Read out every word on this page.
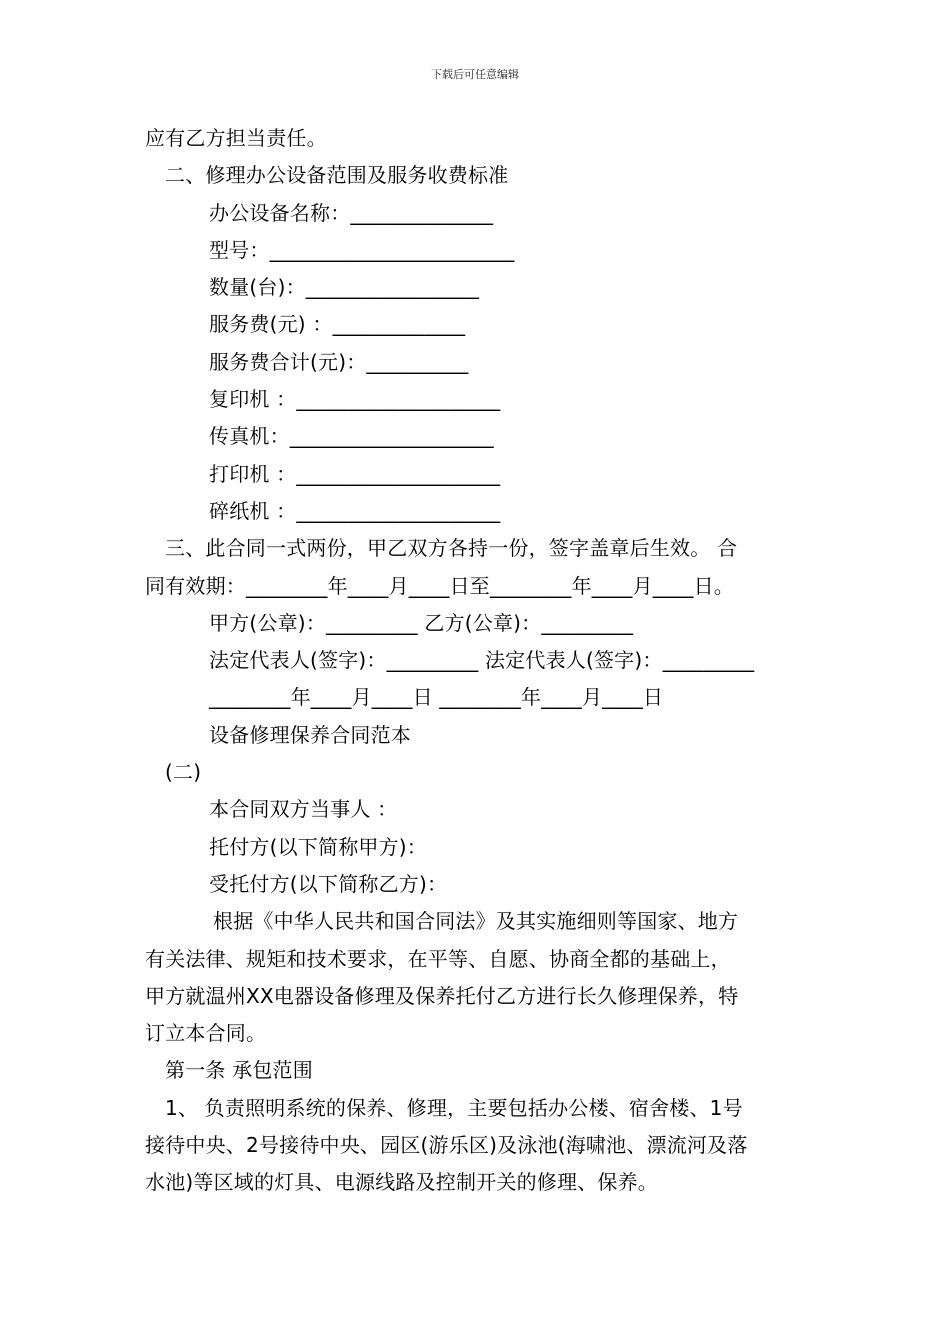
下载后可任意编辑
应有乙方担当责任。
二、修理办公设备范围及服务收费标准
办公设备名称：______________
型号：________________________
数量(台)：_________________
服务费(元) ：_____________
服务费合计(元)：__________
复印机 ：____________________
传真机：____________________
打印机 ：____________________
碎纸机 ：____________________
三、此合同一式两份，甲乙双方各持一份，签字盖章后生效。 合
同有效期：________年____月____日至________年____月____日。
甲方(公章)：_________ 乙方(公章)：_________
法定代表人(签字)：_________ 法定代表人(签字)：_________
________年____月____日 ________年____月____日
设备修理保养合同范本
(二)
本合同双方当事人 ：
托付方(以下简称甲方)：
受托付方(以下简称乙方)：
根据《中华人民共和国合同法》及其实施细则等国家、地方
有关法律、规矩和技术要求，在平等、自愿、协商全都的基础上，
甲方就温州XX电器设备修理及保养托付乙方进行长久修理保养，特
订立本合同。
第一条 承包范围
1、 负责照明系统的保养、修理，主要包括办公楼、宿舍楼、1号
接待中央、2号接待中央、园区(游乐区)及泳池(海啸池、漂流河及落
水池)等区域的灯具、电源线路及控制开关的修理、保养。
